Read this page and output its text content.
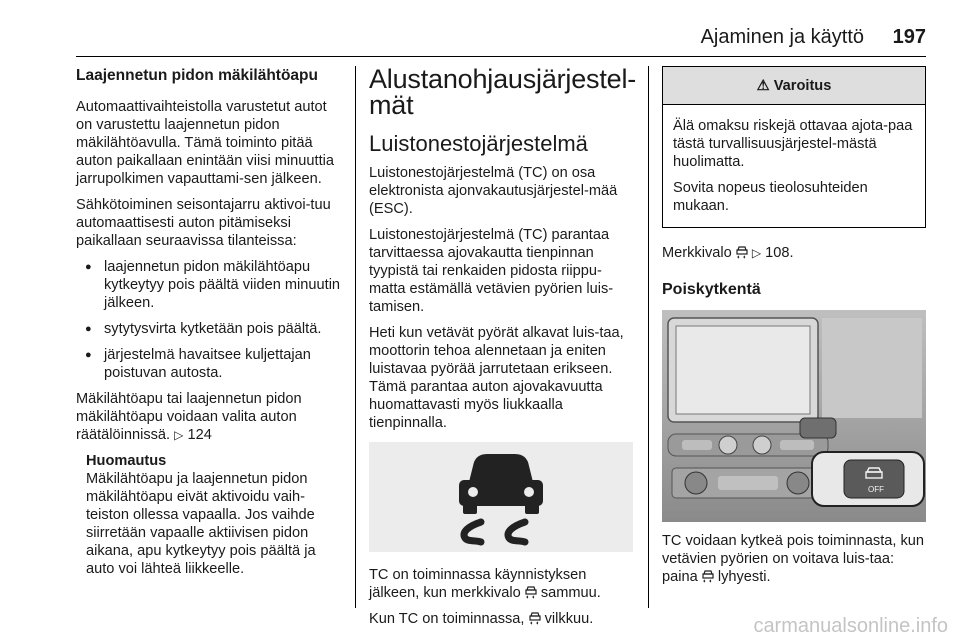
Ajaminen ja käyttö 197
Laajennetun pidon mäkilähtöapu
Automaattivaihteistolla varustetut autot on varustettu laajennetun pidon mäkilähtöavulla. Tämä toiminto pitää auton paikallaan enintään viisi minuuttia jarrupolkimen vapauttami-sen jälkeen.
Sähkötoiminen seisontajarru aktivoi-tuu automaattisesti auton pitämiseksi paikallaan seuraavissa tilanteissa:
● laajennetun pidon mäkilähtöapu kytkeytyy pois päältä viiden minuutin jälkeen.
● sytytysvirta kytketään pois päältä.
● järjestelmä havaitsee kuljettajan poistuvan autosta.
Mäkilähtöapu tai laajennetun pidon mäkilähtöapu voidaan valita auton räätälöinnissä. ▷ 124
Huomautus
Mäkilähtöapu ja laajennetun pidon mäkilähtöapu eivät aktivoidu vaih-teiston ollessa vapaalla. Jos vaihde siirretään vapaalle aktiivisen pidon aikana, apu kytkeytyy pois päältä ja auto voi lähteä liikkeelle.
Alustanohjausjärjestel-mät
Luistonestojärjestelmä
Luistonestojärjestelmä (TC) on osa elektronista ajonvakautusjärjestel-mää (ESC).
Luistonestojärjestelmä (TC) parantaa tarvittaessa ajovakautta tienpinnan tyypistä tai renkaiden pidosta riippu-matta estämällä vetävien pyörien luis-tamisen.
Heti kun vetävät pyörät alkavat luis-taa, moottorin tehoa alennetaan ja eniten luistavaa pyörää jarrutetaan erikseen. Tämä parantaa auton ajovakavuutta huomattavasti myös liukkaalla tienpinnalla.
TC on toiminnassa käynnistyksen jälkeen, kun merkkivalo sammuu.
Kun TC on toiminnassa, vilkkuu.
⚠ Varoitus
Älä omaksu riskejä ottavaa ajota-paa tästä turvallisuusjärjestel-mästä huolimatta.
Sovita nopeus tieolosuhteiden mukaan.
Merkkivalo ▷ 108.
Poiskytkentä
OFF
TC voidaan kytkeä pois toiminnasta, kun vetävien pyörien on voitava luis-taa: paina lyhyesti.
carmanualsonline.info
